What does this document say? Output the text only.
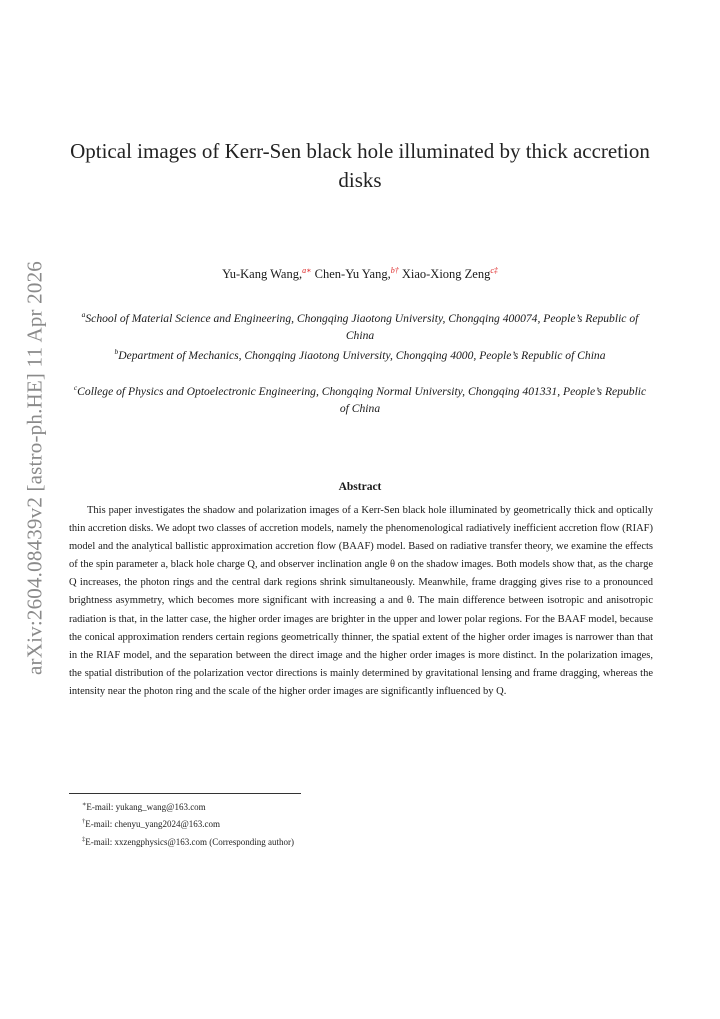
arXiv:2604.08439v2 [astro-ph.HE] 11 Apr 2026
Optical images of Kerr-Sen black hole illuminated by thick accretion disks
Yu-Kang Wang,$^{a∗}$ Chen-Yu Yang,$^{b\dagger}$ Xiao-Xiong Zeng$^{c\ddagger}$
$^a$School of Material Science and Engineering, Chongqing Jiaotong University, Chongqing 400074, People’s Republic of China
$^b$Department of Mechanics, Chongqing Jiaotong University, Chongqing 4000, People’s Republic of China
$^c$College of Physics and Optoelectronic Engineering, Chongqing Normal University, Chongqing 401331, People’s Republic of China
Abstract

This paper investigates the shadow and polarization images of a Kerr-Sen black hole illuminated by geometrically thick and optically thin accretion disks. We adopt two classes of accretion models, namely the phenomenological radiatively inefficient accretion flow (RIAF) model and the analytical ballistic approximation accretion flow (BAAF) model. Based on radiative transfer theory, we examine the effects of the spin parameter a, black hole charge Q, and observer inclination angle θ on the shadow images. Both models show that, as the charge Q increases, the photon rings and the central dark regions shrink simultaneously. Meanwhile, frame dragging gives rise to a pronounced brightness asymmetry, which becomes more significant with increasing a and θ. The main difference between isotropic and anisotropic radiation is that, in the latter case, the higher order images are brighter in the upper and lower polar regions. For the BAAF model, because the conical approximation renders certain regions geometrically thinner, the spatial extent of the higher order images is narrower than that in the RIAF model, and the separation between the direct image and the higher order images is more distinct. In the polarization images, the spatial distribution of the polarization vector directions is mainly determined by gravitational lensing and frame dragging, whereas the intensity near the photon ring and the scale of the higher order images are significantly influenced by Q.

∗E-mail: yukang_wang@163.com
†E-mail: chenyu_yang2024@163.com
‡E-mail: xxzengphysics@163.com (Corresponding author)
